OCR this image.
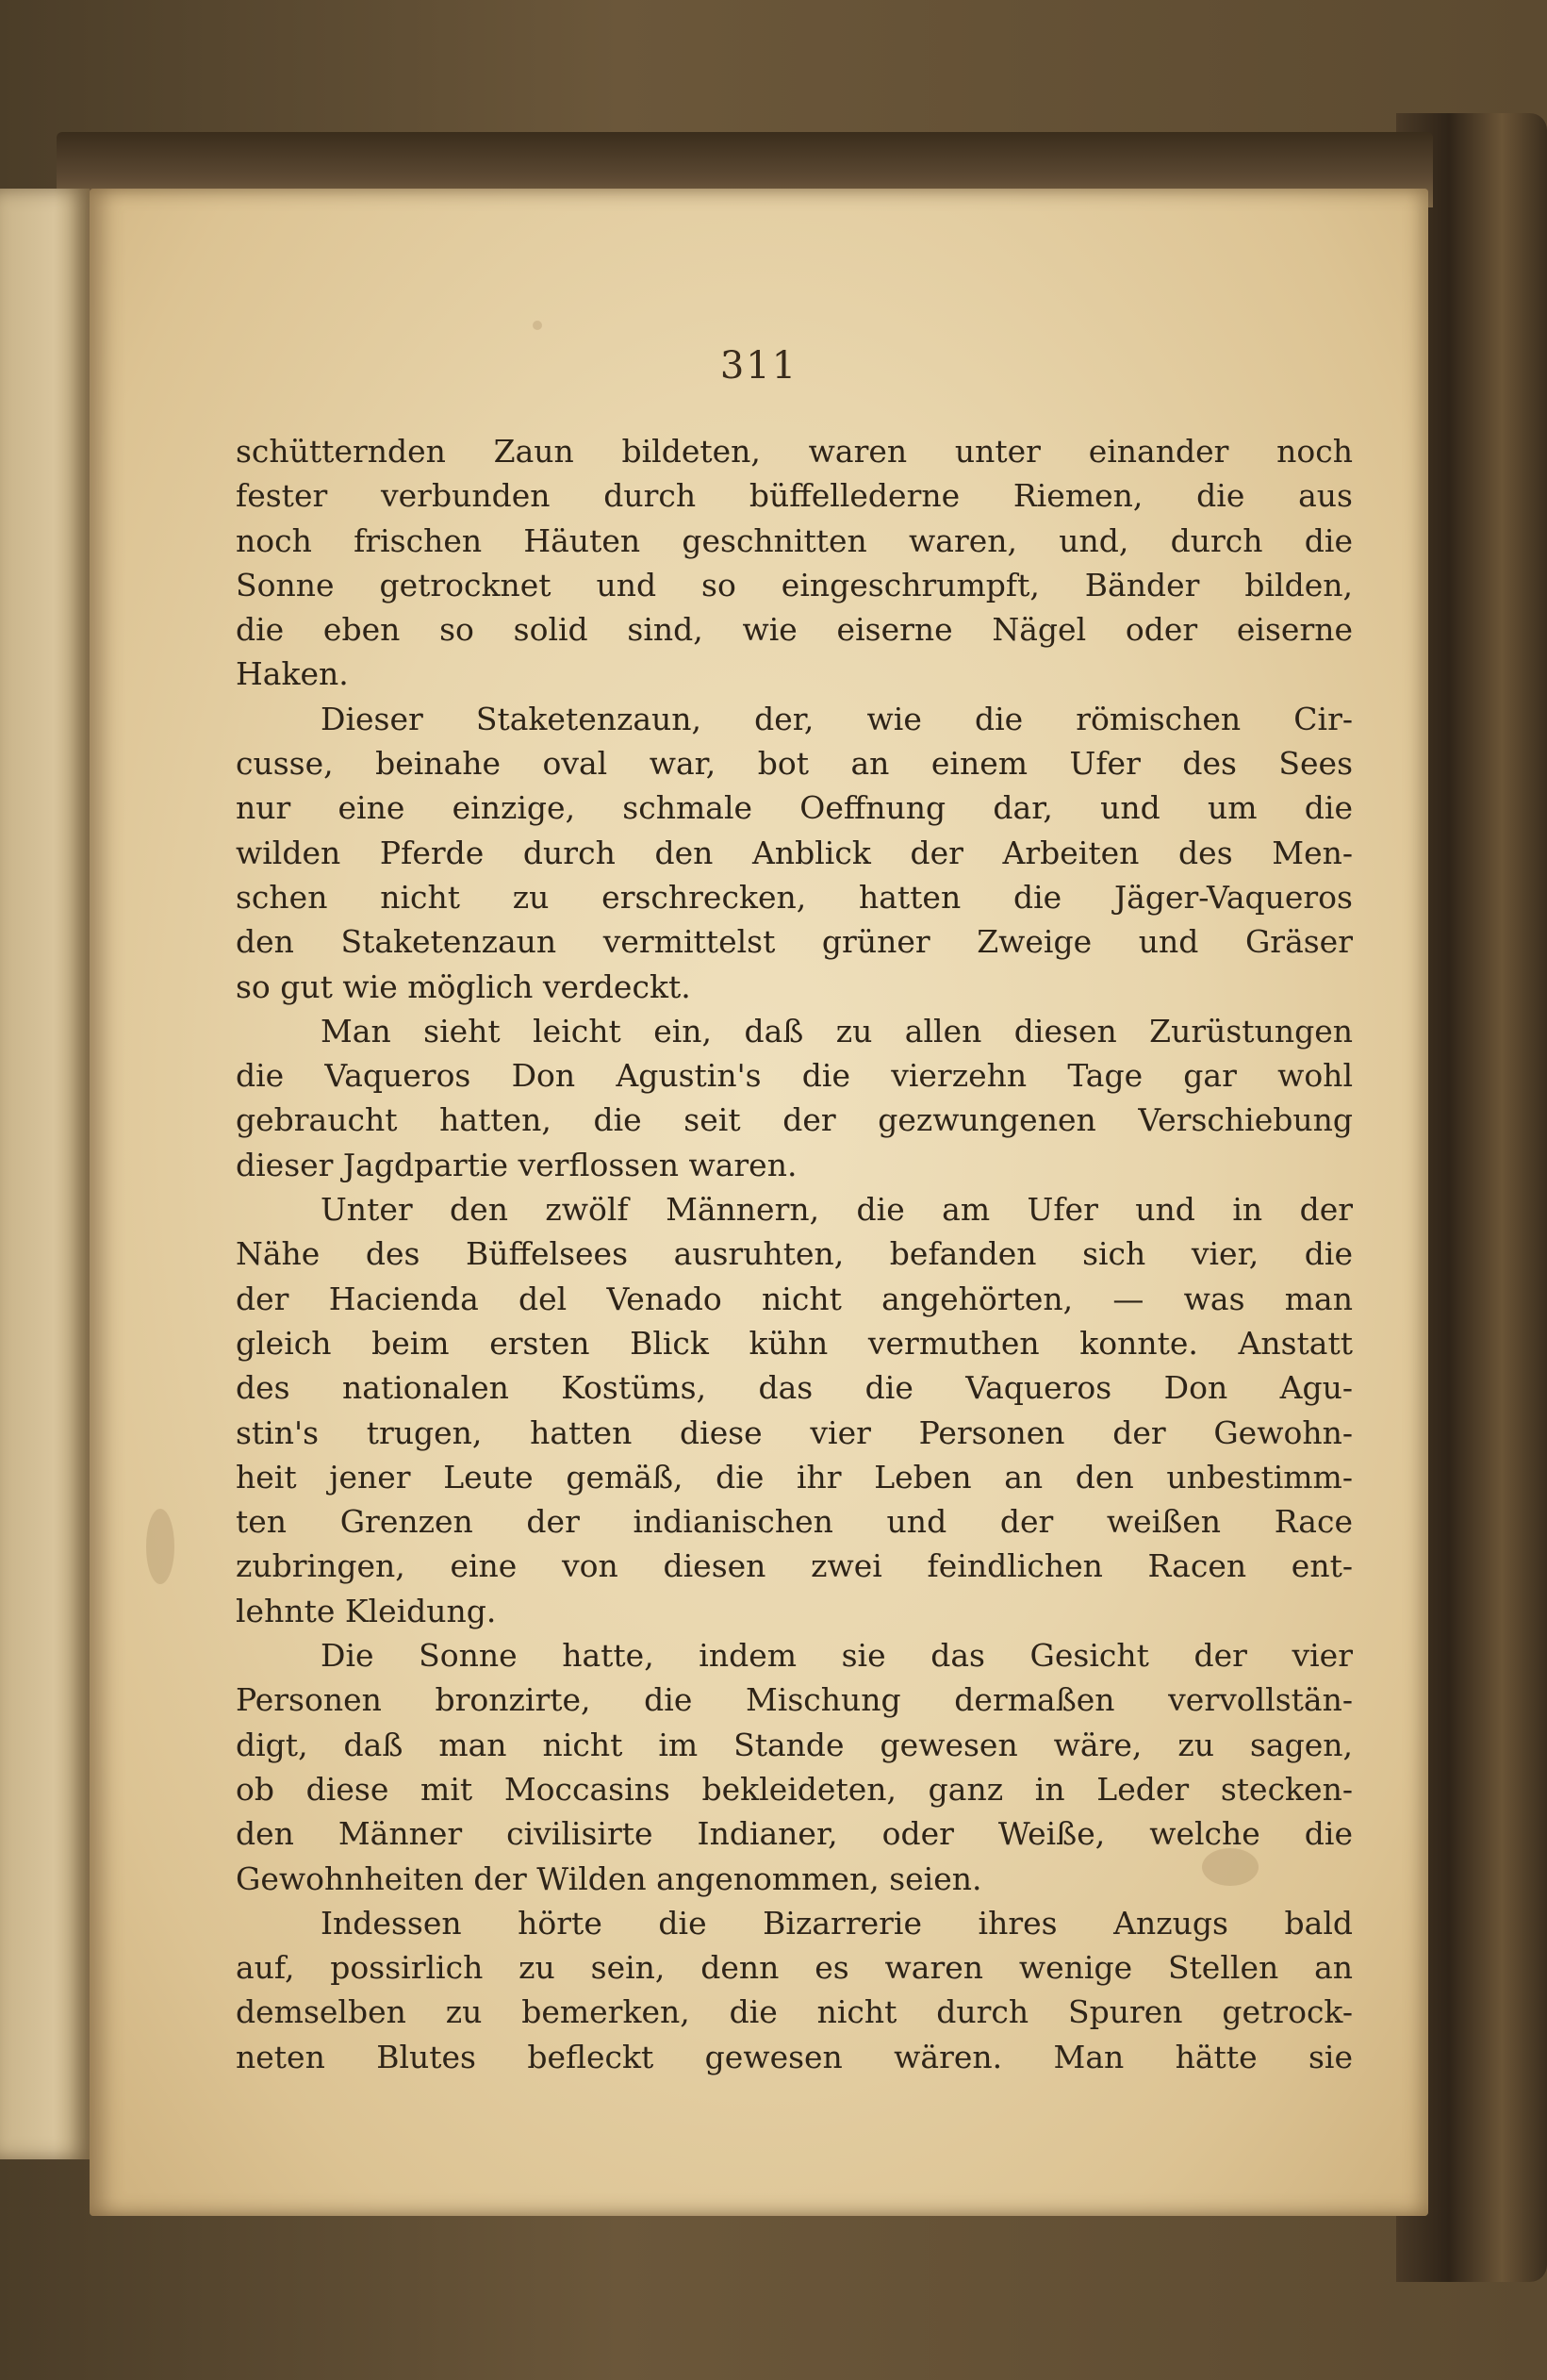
311
schütternden Zaun bildeten, waren unter einander noch
fester verbunden durch büffellederne Riemen, die aus
noch frischen Häuten geschnitten waren, und, durch die
Sonne getrocknet und so eingeschrumpft, Bänder bilden,
die eben so solid sind, wie eiserne Nägel oder eiserne
Haken.
Dieser Staketenzaun, der, wie die römischen Cir-
cusse, beinahe oval war, bot an einem Ufer des Sees
nur eine einzige, schmale Oeffnung dar, und um die
wilden Pferde durch den Anblick der Arbeiten des Men-
schen nicht zu erschrecken, hatten die Jäger-Vaqueros
den Staketenzaun vermittelst grüner Zweige und Gräser
so gut wie möglich verdeckt.
Man sieht leicht ein, daß zu allen diesen Zurüstungen
die Vaqueros Don Agustin's die vierzehn Tage gar wohl
gebraucht hatten, die seit der gezwungenen Verschiebung
dieser Jagdpartie verflossen waren.
Unter den zwölf Männern, die am Ufer und in der
Nähe des Büffelsees ausruhten, befanden sich vier, die
der Hacienda del Venado nicht angehörten, — was man
gleich beim ersten Blick kühn vermuthen konnte. Anstatt
des nationalen Kostüms, das die Vaqueros Don Agu-
stin's trugen, hatten diese vier Personen der Gewohn-
heit jener Leute gemäß, die ihr Leben an den unbestimm-
ten Grenzen der indianischen und der weißen Race
zubringen, eine von diesen zwei feindlichen Racen ent-
lehnte Kleidung.
Die Sonne hatte, indem sie das Gesicht der vier
Personen bronzirte, die Mischung dermaßen vervollstän-
digt, daß man nicht im Stande gewesen wäre, zu sagen,
ob diese mit Moccasins bekleideten, ganz in Leder stecken-
den Männer civilisirte Indianer, oder Weiße, welche die
Gewohnheiten der Wilden angenommen, seien.
Indessen hörte die Bizarrerie ihres Anzugs bald
auf, possirlich zu sein, denn es waren wenige Stellen an
demselben zu bemerken, die nicht durch Spuren getrock-
neten Blutes befleckt gewesen wären. Man hätte sie
